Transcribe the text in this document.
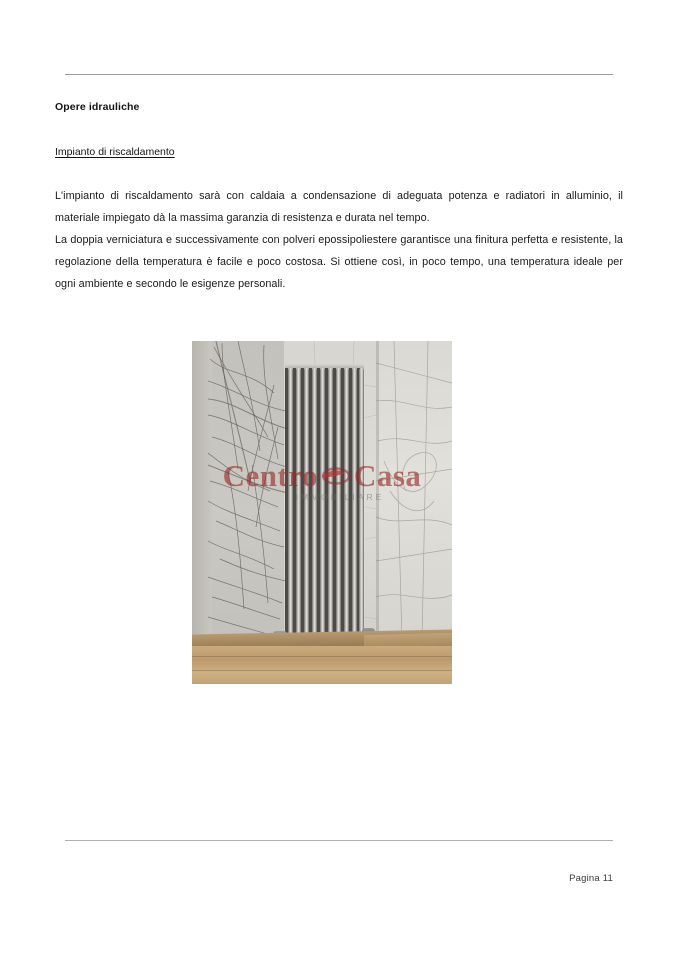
Opere idrauliche

Impianto di riscaldamento

L'impianto di riscaldamento sarà con caldaia a condensazione di adeguata potenza e radiatori in alluminio, il materiale impiegato dà la massima garanzia di resistenza e durata nel tempo.

La doppia verniciatura e successivamente con polveri epossipoliestere garantisce una finitura perfetta e resistente, la regolazione della temperatura è facile e poco costosa. Si ottiene così, in poco tempo, una temperatura ideale per ogni ambiente e secondo le esigenze personali.

Centro Casa
IMMOBILIARE
Pagina 11
